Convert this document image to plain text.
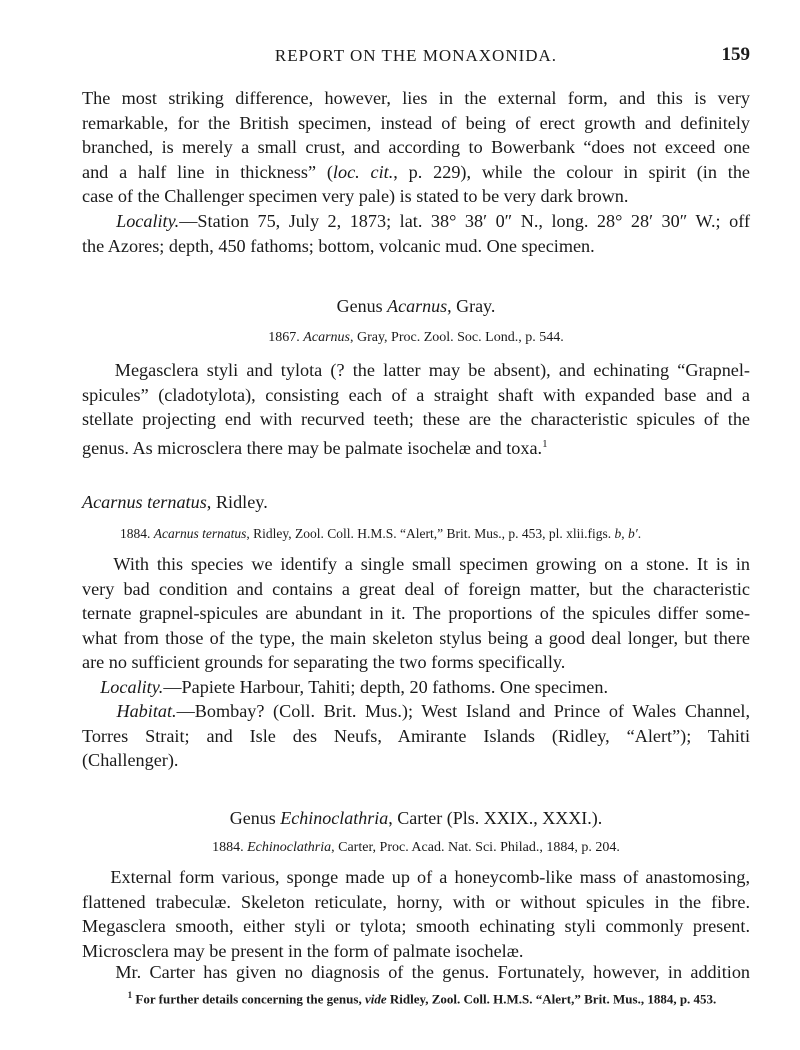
REPORT ON THE MONAXONIDA.	159
The most striking difference, however, lies in the external form, and this is very
remarkable, for the British specimen, instead of being of erect growth and definitely
branched, is merely a small crust, and according to Bowerbank “does not exceed one
and a half line in thickness” (loc. cit., p. 229), while the colour in spirit (in the
case of the Challenger specimen very pale) is stated to be very dark brown.
Locality.—Station 75, July 2, 1873; lat. 38° 38′ 0″ N., long. 28° 28′ 30″ W.; off
the Azores; depth, 450 fathoms; bottom, volcanic mud. One specimen.
Genus Acarnus, Gray.
1867. Acarnus, Gray, Proc. Zool. Soc. Lond., p. 544.
Megasclera styli and tylota (? the latter may be absent), and echinating “Grapnel-
spicules” (cladotylota), consisting each of a straight shaft with expanded base and a
stellate projecting end with recurved teeth; these are the characteristic spicules of the
genus. As microsclera there may be palmate isochelæ and toxa.$^1$
Acarnus ternatus, Ridley.
1884. Acarnus ternatus, Ridley, Zool. Coll. H.M.S. “Alert,” Brit. Mus., p. 453, pl. xlii.figs. b, b′.
With this species we identify a single small specimen growing on a stone. It is in
very bad condition and contains a great deal of foreign matter, but the characteristic
ternate grapnel-spicules are abundant in it. The proportions of the spicules differ some-
what from those of the type, the main skeleton stylus being a good deal longer, but there
are no sufficient grounds for separating the two forms specifically.
Locality.—Papiete Harbour, Tahiti; depth, 20 fathoms. One specimen.
Habitat.—Bombay? (Coll. Brit. Mus.); West Island and Prince of Wales Channel,
Torres Strait; and Isle des Neufs, Amirante Islands (Ridley, “Alert”); Tahiti
(Challenger).
Genus Echinoclathria, Carter (Pls. XXIX., XXXI.).
1884. Echinoclathria, Carter, Proc. Acad. Nat. Sci. Philad., 1884, p. 204.
External form various, sponge made up of a honeycomb-like mass of anastomosing,
flattened trabeculæ. Skeleton reticulate, horny, with or without spicules in the fibre.
Megasclera smooth, either styli or tylota; smooth echinating styli commonly present.
Microsclera may be present in the form of palmate isochelæ.
Mr. Carter has given no diagnosis of the genus. Fortunately, however, in addition
$^1$ For further details concerning the genus, vide Ridley, Zool. Coll. H.M.S. “Alert,” Brit. Mus., 1884, p. 453.
